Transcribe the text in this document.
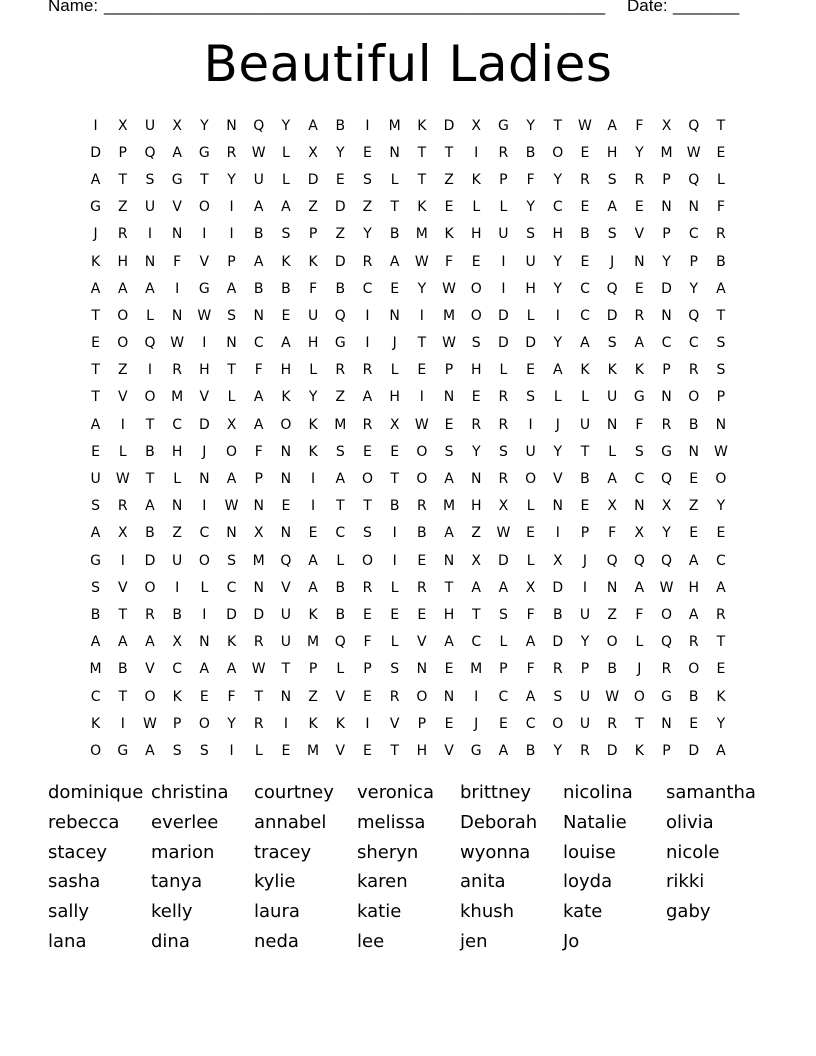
Name: _____________________________________________________ Date: _______
Beautiful Ladies
I	X	U	X	Y	N	Q	Y	A	B	I	M	K	D	X	G	Y	T	W	A	F	X	Q	T
D	P	Q	A	G	R	W	L	X	Y	E	N	T	T	I	R	B	O	E	H	Y	M	W	E
A	T	S	G	T	Y	U	L	D	E	S	L	T	Z	K	P	F	Y	R	S	R	P	Q	L
G	Z	U	V	O	I	A	A	Z	D	Z	T	K	E	L	L	Y	C	E	A	E	N	N	F
J	R	I	N	I	I	B	S	P	Z	Y	B	M	K	H	U	S	H	B	S	V	P	C	R
K	H	N	F	V	P	A	K	K	D	R	A	W	F	E	I	U	Y	E	J	N	Y	P	B
A	A	A	I	G	A	B	B	F	B	C	E	Y	W	O	I	H	Y	C	Q	E	D	Y	A
T	O	L	N	W	S	N	E	U	Q	I	N	I	M	O	D	L	I	C	D	R	N	Q	T
E	O	Q	W	I	N	C	A	H	G	I	J	T	W	S	D	D	Y	A	S	A	C	C	S
T	Z	I	R	H	T	F	H	L	R	R	L	E	P	H	L	E	A	K	K	K	P	R	S
T	V	O	M	V	L	A	K	Y	Z	A	H	I	N	E	R	S	L	L	U	G	N	O	P
A	I	T	C	D	X	A	O	K	M	R	X	W	E	R	R	I	J	U	N	F	R	B	N
E	L	B	H	J	O	F	N	K	S	E	E	O	S	Y	S	U	Y	T	L	S	G	N	W
U	W	T	L	N	A	P	N	I	A	O	T	O	A	N	R	O	V	B	A	C	Q	E	O
S	R	A	N	I	W	N	E	I	T	T	B	R	M	H	X	L	N	E	X	N	X	Z	Y
A	X	B	Z	C	N	X	N	E	C	S	I	B	A	Z	W	E	I	P	F	X	Y	E	E
G	I	D	U	O	S	M	Q	A	L	O	I	E	N	X	D	L	X	J	Q	Q	Q	A	C
S	V	O	I	L	C	N	V	A	B	R	L	R	T	A	A	X	D	I	N	A	W	H	A
B	T	R	B	I	D	D	U	K	B	E	E	E	H	T	S	F	B	U	Z	F	O	A	R
A	A	A	X	N	K	R	U	M	Q	F	L	V	A	C	L	A	D	Y	O	L	Q	R	T
M	B	V	C	A	A	W	T	P	L	P	S	N	E	M	P	F	R	P	B	J	R	O	E
C	T	O	K	E	F	T	N	Z	V	E	R	O	N	I	C	A	S	U	W	O	G	B	K
K	I	W	P	O	Y	R	I	K	K	I	V	P	E	J	E	C	O	U	R	T	N	E	Y
O	G	A	S	S	I	L	E	M	V	E	T	H	V	G	A	B	Y	R	D	K	P	D	A
dominique christina	courtney	veronica	brittney	nicolina	samantha
rebecca	everlee	annabel	melissa	Deborah	Natalie	olivia
stacey	marion	tracey	sheryn	wyonna	louise	nicole
sasha	tanya	kylie	karen	anita	loyda	rikki
sally	kelly	laura	katie	khush	kate	gaby
lana	dina	neda	lee	jen	Jo
